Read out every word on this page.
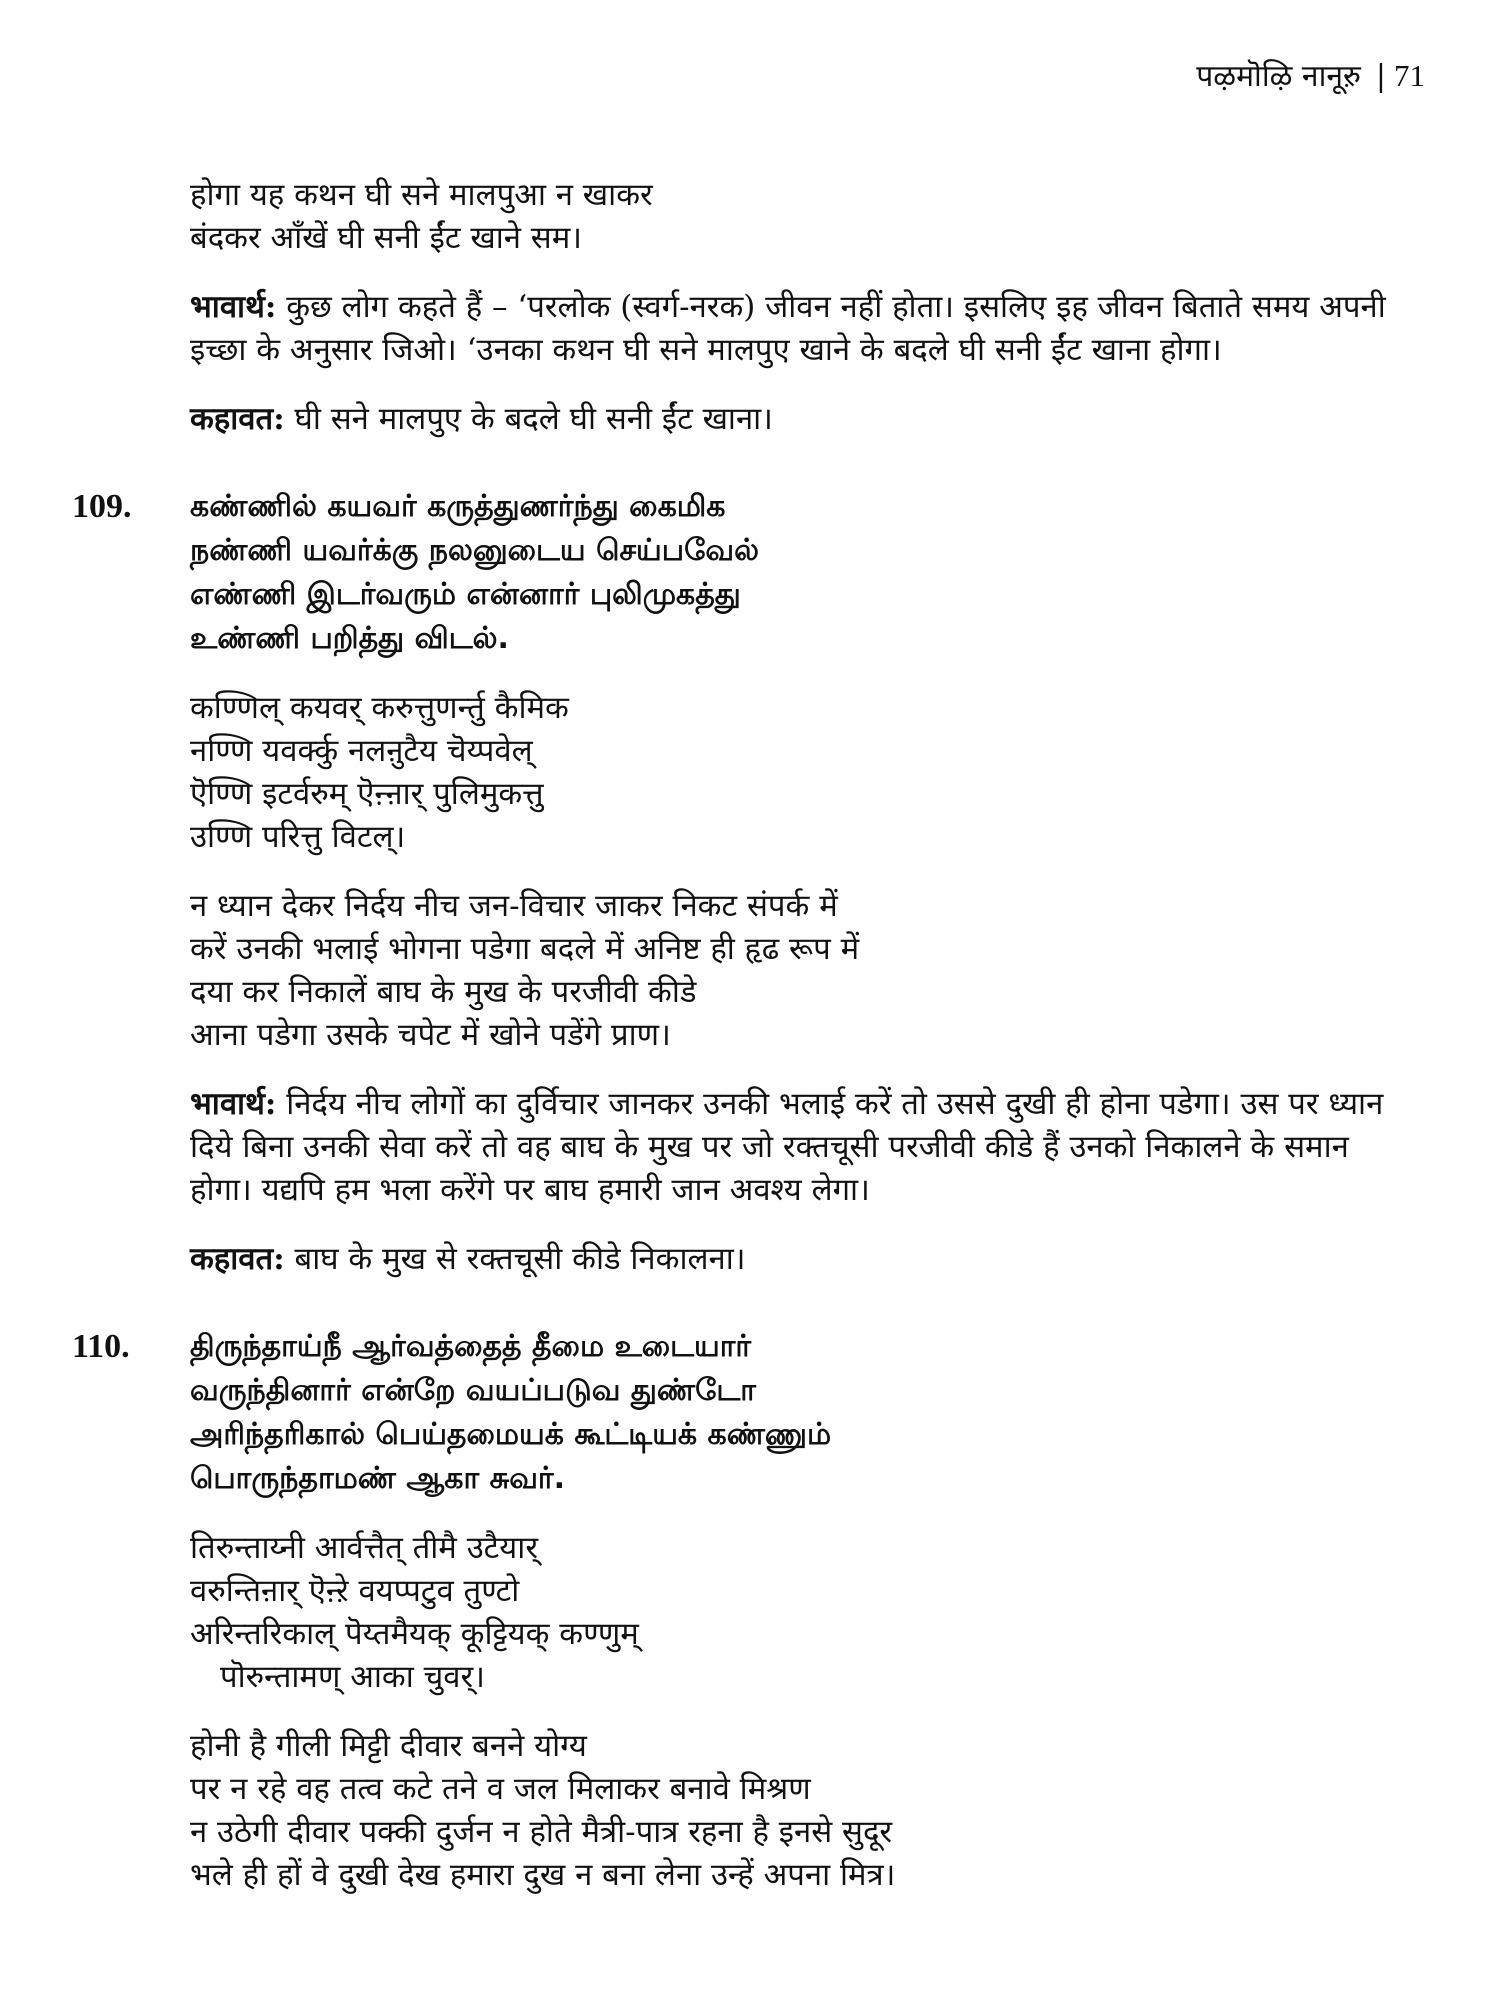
पऴमॊऴि नानूऱु | 71
होगा यह कथन घी सने मालपुआ न खाकर
बंदकर आँखें घी सनी ईंट खाने सम।

भावार्थ: कुछ लोग कहते हैं – ‘परलोक (स्वर्ग-नरक) जीवन नहीं होता। इसलिए इह जीवन बिताते समय अपनी इच्छा के अनुसार जिओ। ‘उनका कथन घी सने मालपुए खाने के बदले घी सनी ईंट खाना होगा।

कहावत: घी सने मालपुए के बदले घी सनी ईंट खाना।

109. கண்ணில் கயவர் கருத்துணர்ந்து கைமிக
நண்ணி யவர்க்கு நலனுடைய செய்பவேல்
எண்ணி இடர்வரும் என்னார் புலிமுகத்து
உண்ணி பறித்து விடல்.
कण्णिल् कयवर् करुत्तुणर्न्तु कैमिक
नण्णि यवर्क्कु नलऩुटैय चॆय्पवेल्
ऎण्णि इटर्वरुम् ऎऩ्ऩार् पुलिमुकत्तु
उण्णि परित्तु विटल्।
न ध्यान देकर निर्दय नीच जन-विचार जाकर निकट संपर्क में
करें उनकी भलाई भोगना पडेगा बदले में अनिष्ट ही हृढ रूप में
दया कर निकालें बाघ के मुख के परजीवी कीडे
आना पडेगा उसके चपेट में खोने पडेंगे प्राण।

भावार्थ: निर्दय नीच लोगों का दुर्विचार जानकर उनकी भलाई करें तो उससे दुखी ही होना पडेगा। उस पर ध्यान दिये बिना उनकी सेवा करें तो वह बाघ के मुख पर जो रक्तचूसी परजीवी कीडे हैं उनको निकालने के समान होगा। यद्यपि हम भला करेंगे पर बाघ हमारी जान अवश्य लेगा।

कहावत: बाघ के मुख से रक्तचूसी कीडे निकालना।

110. திருந்தாய்நீ ஆர்வத்தைத் தீமை உடையார்
வருந்தினார் என்றே வயப்படுவ துண்டோ
அரிந்தரிகால் பெய்தமையக் கூட்டியக் கண்ணும்
பொருந்தாமண் ஆகா சுவர்.
तिरुन्ताय्नी आर्वत्तैत् तीमै उटैयार्
वरुन्तिऩार् ऎऩ्ऱे वयप्पटुव तुण्टो
अरिन्तरिकाल् पॆय्तमैयक् कूट्टियक् कण्णुम्
पॊरुन्तामण् आका चुवर्।
होनी है गीली मिट्टी दीवार बनने योग्य
पर न रहे वह तत्व कटे तने व जल मिलाकर बनावे मिश्रण
न उठेगी दीवार पक्की दुर्जन न होते मैत्री-पात्र रहना है इनसे सुदूर
भले ही हों वे दुखी देख हमारा दुख न बना लेना उन्हें अपना मित्र।
